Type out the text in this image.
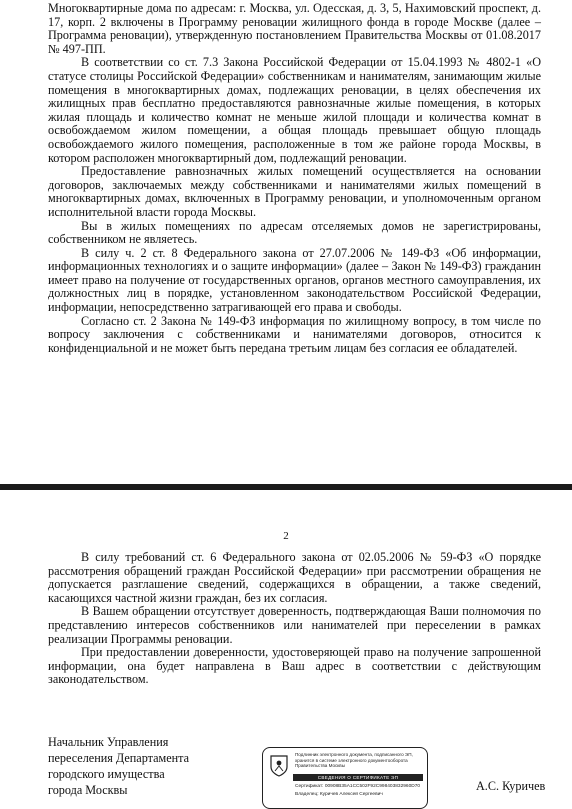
Многоквартирные дома по адресам: г. Москва, ул. Одесская, д. 3, 5, Нахимовский проспект, д. 17, корп. 2 включены в Программу реновации жилищного фонда в городе Москве (далее – Программа реновации), утвержденную постановлением Правительства Москвы от 01.08.2017 № 497-ПП.

В соответствии со ст. 7.3 Закона Российской Федерации от 15.04.1993 № 4802-1 «О статусе столицы Российской Федерации» собственникам и нанимателям, занимающим жилые помещения в многоквартирных домах, подлежащих реновации, в целях обеспечения их жилищных прав бесплатно предоставляются равнозначные жилые помещения, в которых жилая площадь и количество комнат не меньше жилой площади и количества комнат в освобождаемом жилом помещении, а общая площадь превышает общую площадь освобождаемого жилого помещения, расположенные в том же районе города Москвы, в котором расположен многоквартирный дом, подлежащий реновации.

Предоставление равнозначных жилых помещений осуществляется на основании договоров, заключаемых между собственниками и нанимателями жилых помещений в многоквартирных домах, включенных в Программу реновации, и уполномоченным органом исполнительной власти города Москвы.

Вы в жилых помещениях по адресам отселяемых домов не зарегистрированы, собственником не являетесь.

В силу ч. 2 ст. 8 Федерального закона от 27.07.2006 № 149-ФЗ «Об информации, информационных технологиях и о защите информации» (далее – Закон № 149-ФЗ) гражданин имеет право на получение от государственных органов, органов местного самоуправления, их должностных лиц в порядке, установленном законодательством Российской Федерации, информации, непосредственно затрагивающей его права и свободы.

Согласно ст. 2 Закона № 149-ФЗ информация по жилищному вопросу, в том числе по вопросу заключения с собственниками и нанимателями договоров, относится к конфиденциальной и не может быть передана третьим лицам без согласия ее обладателей.

2

В силу требований ст. 6 Федерального закона от 02.05.2006 № 59-ФЗ «О порядке рассмотрения обращений граждан Российской Федерации» при рассмотрении обращения не допускается разглашение сведений, содержащихся в обращении, а также сведений, касающихся частной жизни граждан, без их согласия.

В Вашем обращении отсутствует доверенность, подтверждающая Ваши полномочия по представлению интересов собственников или нанимателей при переселении в рамках реализации Программы реновации.

При предоставлении доверенности, удостоверяющей право на получение запрошенной информации, она будет направлена в Ваш адрес в соответствии с действующим законодательством.

Начальник Управления
переселения Департамента
городского имущества
города Москвы
Подлинник электронного документа, подписанного ЭП, хранится в системе электронного документооборота Правительства Москвы
СВЕДЕНИЯ О СЕРТИФИКАТЕ ЭП
Сертификат: 00908B35A1CC502F92C998403832960D70
Владелец: Куричев Алексей Сергеевич
А.С. Куричев
